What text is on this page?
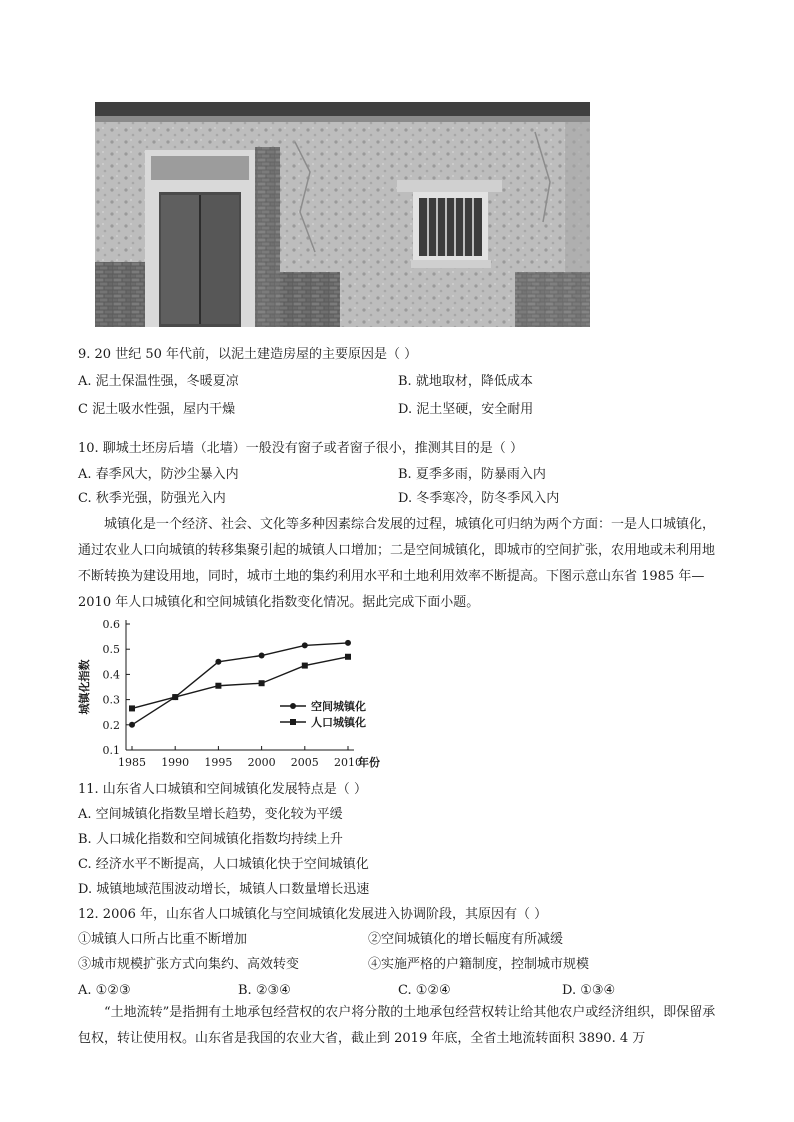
9. 20 世纪 50 年代前，以泥土建造房屋的主要原因是（ ）
A. 泥土保温性强，冬暖夏凉	B. 就地取材，降低成本
C 泥土吸水性强，屋内干燥	D. 泥土坚硬，安全耐用
10. 聊城土坯房后墙（北墙）一般没有窗子或者窗子很小，推测其目的是（ ）
A. 春季风大，防沙尘暴入内	B. 夏季多雨，防暴雨入内
C. 秋季光强，防强光入内	D. 冬季寒冷，防冬季风入内
城镇化是一个经济、社会、文化等多种因素综合发展的过程，城镇化可归纳为两个方面：一是人口城镇化，通过农业人口向城镇的转移集聚引起的城镇人口增加；二是空间城镇化，即城市的空间扩张，农用地或未利用地不断转换为建设用地，同时，城市土地的集约利用水平和土地利用效率不断提高。下图示意山东省 1985 年—2010 年人口城镇化和空间城镇化指数变化情况。据此完成下面小题。
0.1
0.2
0.3
0.4
0.5
0.6
1985 1990 1995 2000 2005 2010
年份
城镇化指数	空间城镇化
人口城镇化
11. 山东省人口城镇和空间城镇化发展特点是（ ）
A. 空间城镇化指数呈增长趋势，变化较为平缓
B. 人口城化指数和空间城镇化指数均持续上升
C. 经济水平不断提高，人口城镇化快于空间城镇化
D. 城镇地域范围波动增长，城镇人口数量增长迅速
12. 2006 年，山东省人口城镇化与空间城镇化发展进入协调阶段，其原因有（ ）
①城镇人口所占比重不断增加	②空间城镇化的增长幅度有所减缓
③城市规模扩张方式向集约、高效转变	④实施严格的户籍制度，控制城市规模
A. ①②③	B. ②③④	C. ①②④	D. ①③④
“土地流转”是指拥有土地承包经营权的农户将分散的土地承包经营权转让给其他农户或经济组织，即保留承包权，转让使用权。山东省是我国的农业大省，截止到 2019 年底，全省土地流转面积 3890. 4 万
